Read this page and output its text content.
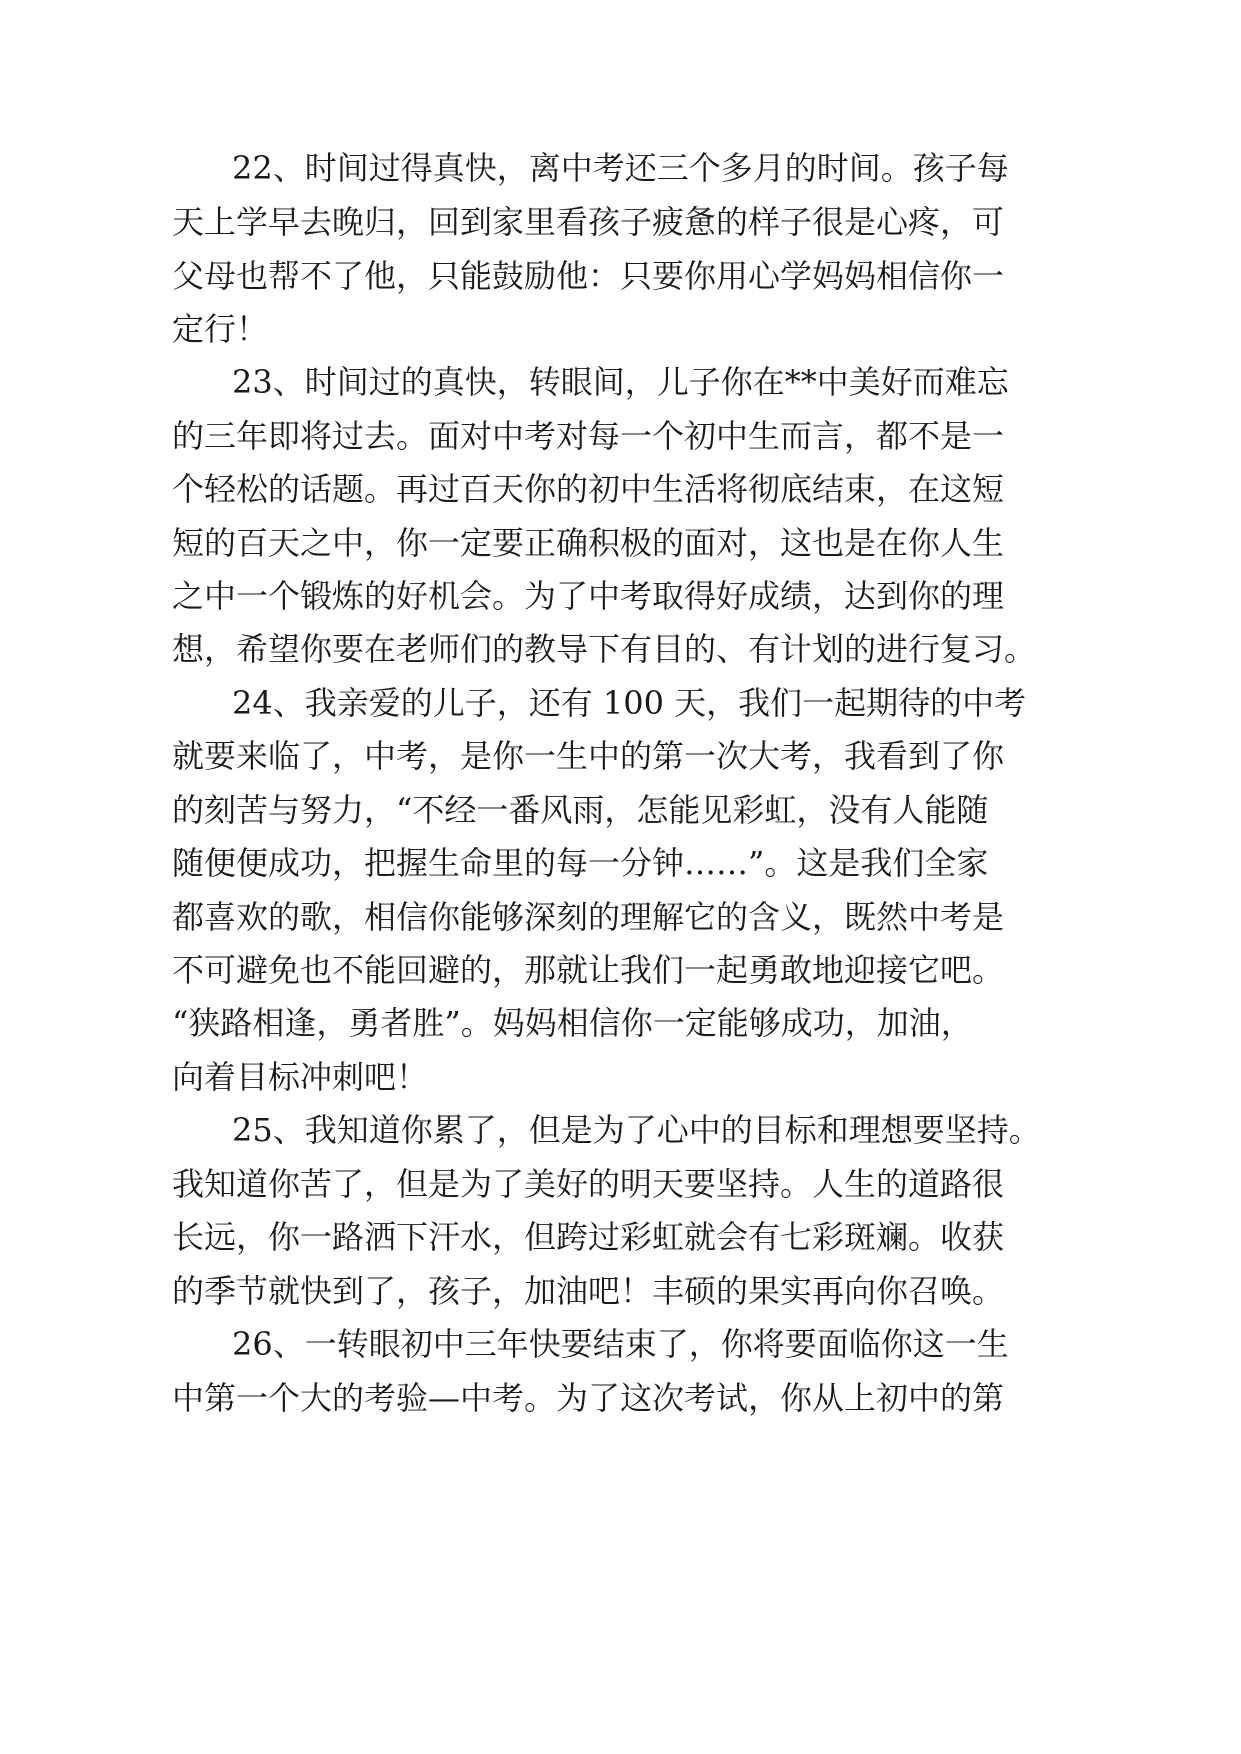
22、时间过得真快，离中考还三个多月的时间。孩子每
天上学早去晚归，回到家里看孩子疲惫的样子很是心疼，可
父母也帮不了他，只能鼓励他：只要你用心学妈妈相信你一
定行！
23、时间过的真快，转眼间，儿子你在**中美好而难忘
的三年即将过去。面对中考对每一个初中生而言，都不是一
个轻松的话题。再过百天你的初中生活将彻底结束，在这短
短的百天之中，你一定要正确积极的面对，这也是在你人生
之中一个锻炼的好机会。为了中考取得好成绩，达到你的理
想，希望你要在老师们的教导下有目的、有计划的进行复习。
24、我亲爱的儿子，还有 100 天，我们一起期待的中考
就要来临了，中考，是你一生中的第一次大考，我看到了你
的刻苦与努力，“不经一番风雨，怎能见彩虹，没有人能随
随便便成功，把握生命里的每一分钟……”。这是我们全家
都喜欢的歌，相信你能够深刻的理解它的含义，既然中考是
不可避免也不能回避的，那就让我们一起勇敢地迎接它吧。
“狭路相逢，勇者胜”。妈妈相信你一定能够成功，加油，
向着目标冲刺吧！
25、我知道你累了，但是为了心中的目标和理想要坚持。
我知道你苦了，但是为了美好的明天要坚持。人生的道路很
长远，你一路洒下汗水，但跨过彩虹就会有七彩斑斓。收获
的季节就快到了，孩子，加油吧！丰硕的果实再向你召唤。
26、一转眼初中三年快要结束了，你将要面临你这一生
中第一个大的考验—中考。为了这次考试，你从上初中的第
